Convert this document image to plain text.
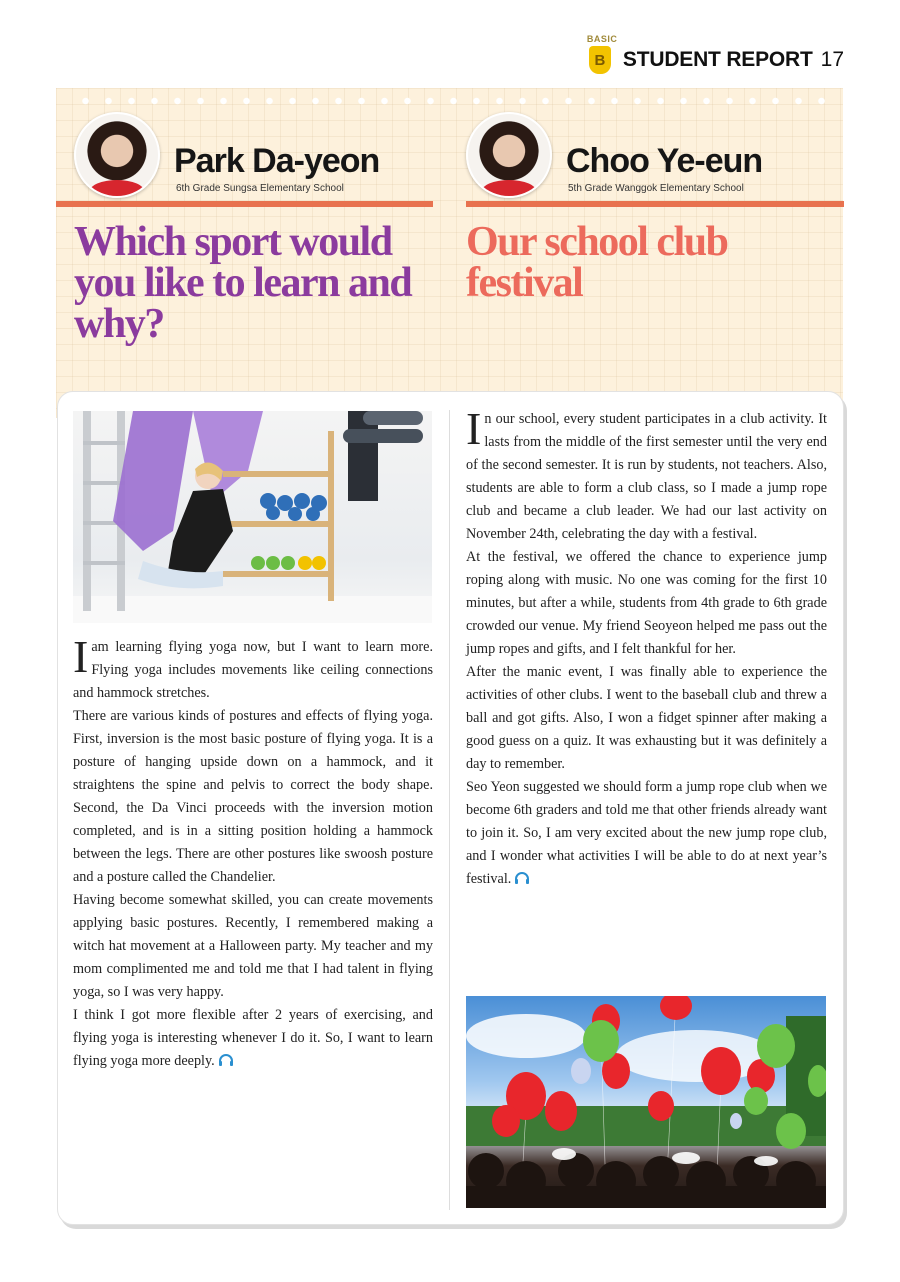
BASIC
B STUDENT REPORT 17
Park Da-yeon
6th Grade Sungsa Elementary School
Choo Ye-eun
5th Grade Wanggok Elementary School
Which sport would you like to learn and why?
Our school club festival

I am learning flying yoga now, but I want to learn more. Flying yoga includes movements like ceiling connections and hammock stretches.

There are various kinds of postures and effects of flying yoga. First, inversion is the most basic posture of flying yoga. It is a posture of hanging upside down on a hammock, and it straightens the spine and pelvis to correct the body shape. Second, the Da Vinci proceeds with the inversion motion completed, and is in a sitting position holding a hammock between the legs. There are other postures like swoosh posture and a posture called the Chandelier.

Having become somewhat skilled, you can create movements applying basic postures. Recently, I remembered making a witch hat movement at a Halloween party. My teacher and my mom complimented me and told me that I had talent in flying yoga, so I was very happy.

I think I got more flexible after 2 years of exercising, and flying yoga is interesting whenever I do it. So, I want to learn flying yoga more deeply.

In our school, every student participates in a club activity. It lasts from the middle of the first semester until the very end of the second semester. It is run by students, not teachers. Also, students are able to form a club class, so I made a jump rope club and became a club leader. We had our last activity on November 24th, celebrating the day with a festival.

At the festival, we offered the chance to experience jump roping along with music. No one was coming for the first 10 minutes, but after a while, students from 4th grade to 6th grade crowded our venue. My friend Seoyeon helped me pass out the jump ropes and gifts, and I felt thankful for her.

After the manic event, I was finally able to experience the activities of other clubs. I went to the baseball club and threw a ball and got gifts. Also, I won a fidget spinner after making a good guess on a quiz. It was exhausting but it was definitely a day to remember.

Seo Yeon suggested we should form a jump rope club when we become 6th graders and told me that other friends already want to join it. So, I am very excited about the new jump rope club, and I wonder what activities I will be able to do at next year’s festival.
